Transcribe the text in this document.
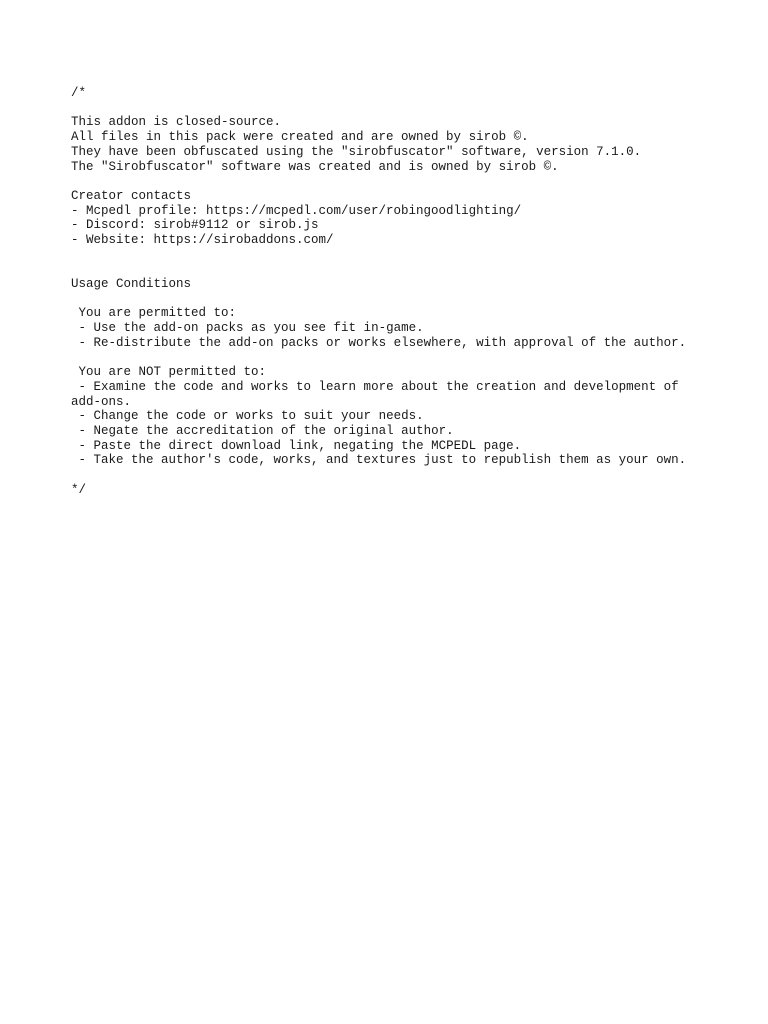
/*
This addon is closed-source.
All files in this pack were created and are owned by sirob ©.
They have been obfuscated using the "sirobfuscator" software, version 7.1.0.
The "Sirobfuscator" software was created and is owned by sirob ©.
Creator contacts
- Mcpedl profile: https://mcpedl.com/user/robingoodlighting/
- Discord: sirob#9112 or sirob.js
- Website: https://sirobaddons.com/
Usage Conditions
You are permitted to:
- Use the add-on packs as you see fit in-game.
- Re-distribute the add-on packs or works elsewhere, with approval of the author.
You are NOT permitted to:
- Examine the code and works to learn more about the creation and development of add-ons.
- Change the code or works to suit your needs.
- Negate the accreditation of the original author.
- Paste the direct download link, negating the MCPEDL page.
- Take the author's code, works, and textures just to republish them as your own.
*/
